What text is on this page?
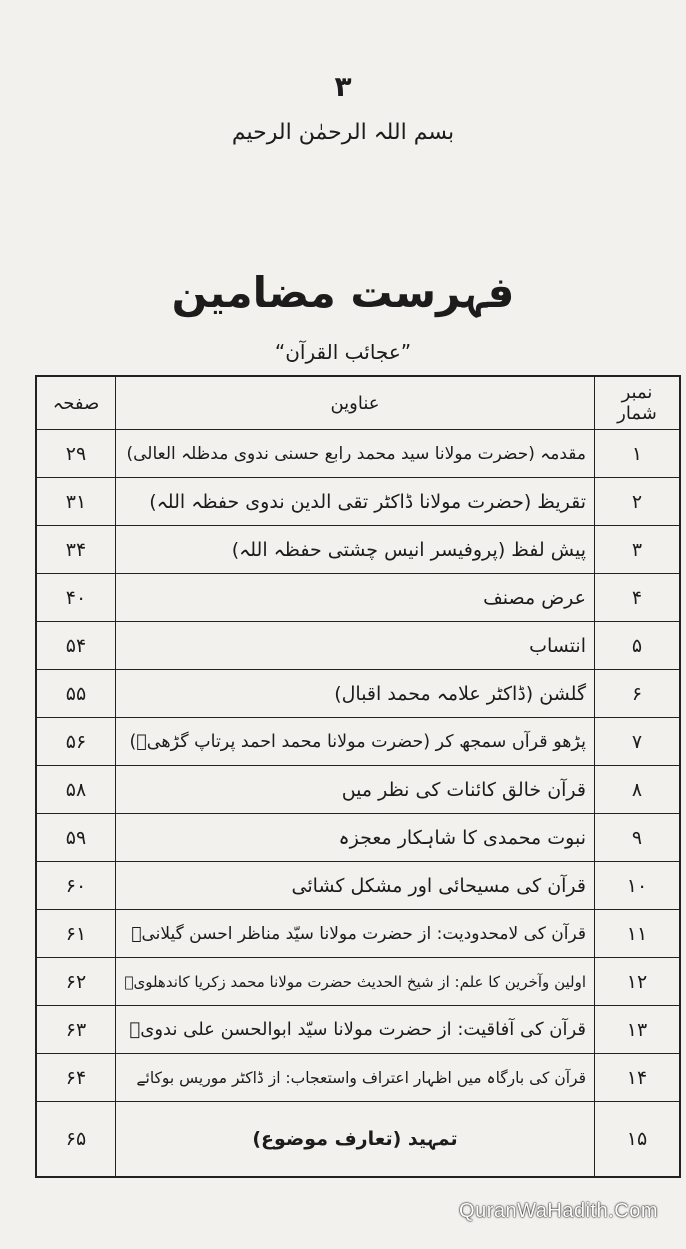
۳
بسم اللہ الرحمٰن الرحیم
فہرست مضامین
”عجائب القرآن“
نمبر شمار	عناوین	صفحہ
۱	مقدمہ (حضرت مولانا سید محمد رابع حسنی ندوی مدظلہ العالی)	۲۹
۲	تقریظ (حضرت مولانا ڈاکٹر تقی الدین ندوی حفظہ اللہ)	۳۱
۳	پیش لفظ (پروفیسر انیس چشتی حفظہ اللہ)	۳۴
۴	عرض مصنف	۴۰
۵	انتساب	۵۴
۶	گلشن (ڈاکٹر علامہ محمد اقبال)	۵۵
۷	پڑھو قرآں سمجھ کر (حضرت مولانا محمد احمد پرتاپ گڑھیؒ)	۵۶
۸	قرآن خالق کائنات کی نظر میں	۵۸
۹	نبوت محمدی کا شاہکار معجزہ	۵۹
۱۰	قرآن کی مسیحائی اور مشکل کشائی	۶۰
۱۱	قرآن کی لامحدودیت: از حضرت مولانا سیّد مناظر احسن گیلانیؒ	۶۱
۱۲	اولین وآخرین کا علم: از شیخ الحدیث حضرت مولانا محمد زکریا کاندھلویؒ	۶۲
۱۳	قرآن کی آفاقیت: از حضرت مولانا سیّد ابوالحسن علی ندویؒ	۶۳
۱۴	قرآن کی بارگاہ میں اظہار اعتراف واستعجاب: از ڈاکٹر موریس بوکائے	۶۴
۱۵	تمہید (تعارف موضوع)	۶۵
QuranWaHadith.Com
